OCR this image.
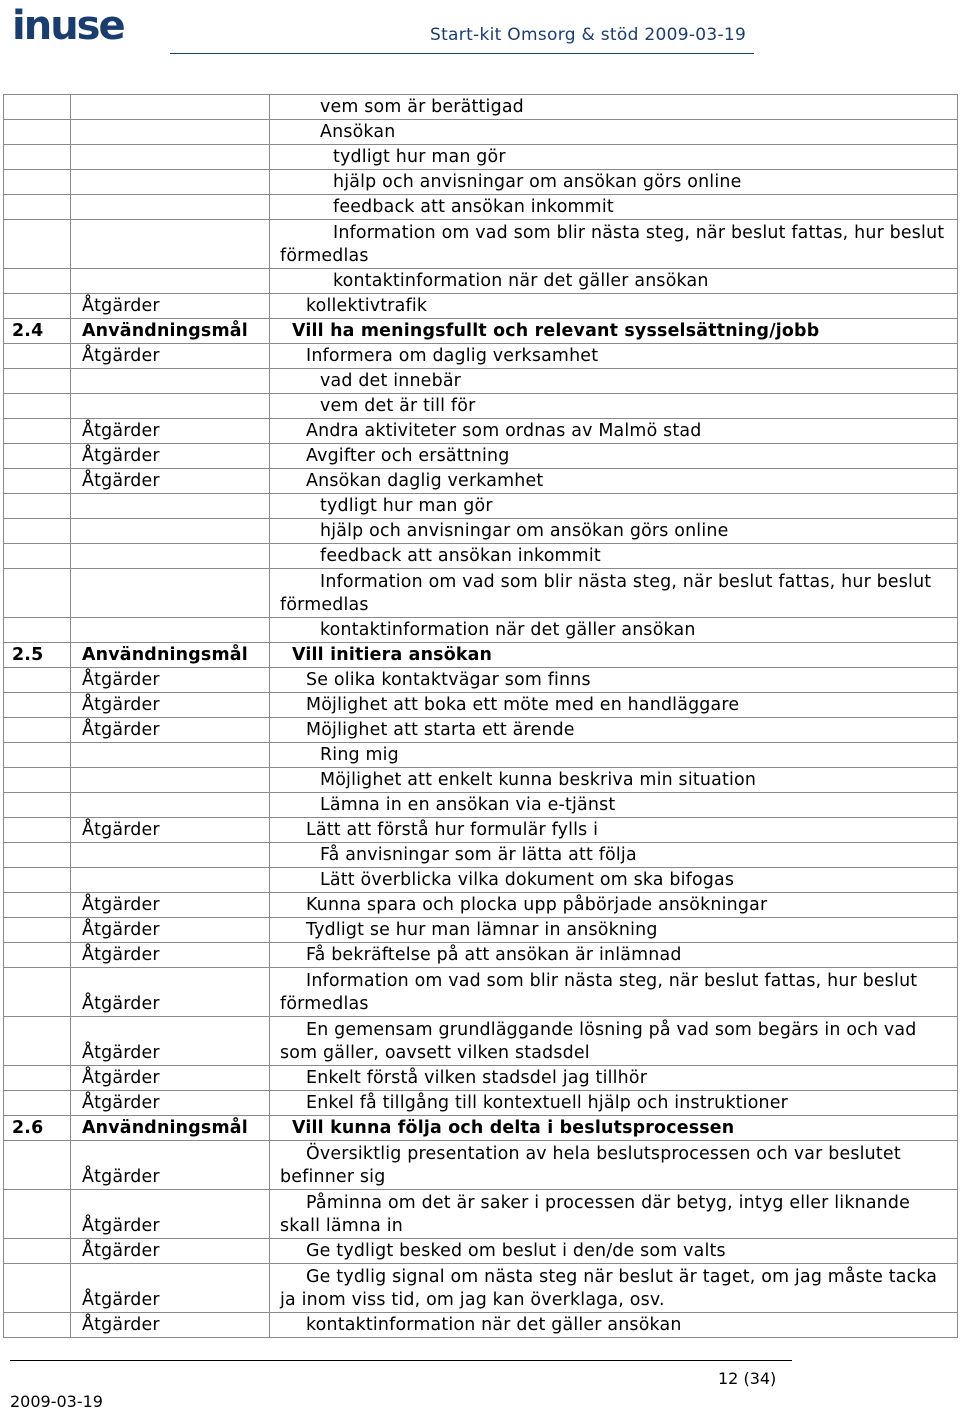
inuse	Start-kit Omsorg & stöd 2009-03-19
		vem som är berättigad
		Ansökan
		tydligt hur man gör
		hjälp och anvisningar om ansökan görs online
		feedback att ansökan inkommit

		Information om vad som blir nästa steg, när beslut fattas, hur beslut förmedlas

		kontaktinformation när det gäller ansökan
	Åtgärder	kollektivtrafik
2.4	Användningsmål	Vill ha meningsfullt och relevant sysselsättning/jobb
	Åtgärder	Informera om daglig verksamhet
		vad det innebär
		vem det är till för
	Åtgärder	Andra aktiviteter som ordnas av Malmö stad
	Åtgärder	Avgifter och ersättning
	Åtgärder	Ansökan daglig verkamhet
		tydligt hur man gör
		hjälp och anvisningar om ansökan görs online
		feedback att ansökan inkommit

		Information om vad som blir nästa steg, när beslut fattas, hur beslut förmedlas

		kontaktinformation när det gäller ansökan
2.5	Användningsmål	Vill initiera ansökan
	Åtgärder	Se olika kontaktvägar som finns
	Åtgärder	Möjlighet att boka ett möte med en handläggare
	Åtgärder	Möjlighet att starta ett ärende
		Ring mig
		Möjlighet att enkelt kunna beskriva min situation
		Lämna in en ansökan via e-tjänst
	Åtgärder	Lätt att förstå hur formulär fylls i
		Få anvisningar som är lätta att följa
		Lätt överblicka vilka dokument om ska bifogas
	Åtgärder	Kunna spara och plocka upp påbörjade ansökningar
	Åtgärder	Tydligt se hur man lämnar in ansökning
	Åtgärder	Få bekräftelse på att ansökan är inlämnad
	Åtgärder	Information om vad som blir nästa steg, när beslut fattas, hur beslut förmedlas

	Åtgärder	En gemensam grundläggande lösning på vad som begärs in och vad som gäller, oavsett vilken stadsdel

	Åtgärder	Enkelt förstå vilken stadsdel jag tillhör
	Åtgärder	Enkel få tillgång till kontextuell hjälp och instruktioner
2.6	Användningsmål	Vill kunna följa och delta i beslutsprocessen
	Åtgärder	Översiktlig presentation av hela beslutsprocessen och var beslutet befinner sig

	Åtgärder	Påminna om det är saker i processen där betyg, intyg eller liknande skall lämna in

	Åtgärder	Ge tydligt besked om beslut i den/de som valts
	Åtgärder	Ge tydlig signal om nästa steg när beslut är taget, om jag måste tacka ja inom viss tid, om jag kan överklaga, osv.

	Åtgärder	kontaktinformation när det gäller ansökan
12 (34)
2009-03-19
